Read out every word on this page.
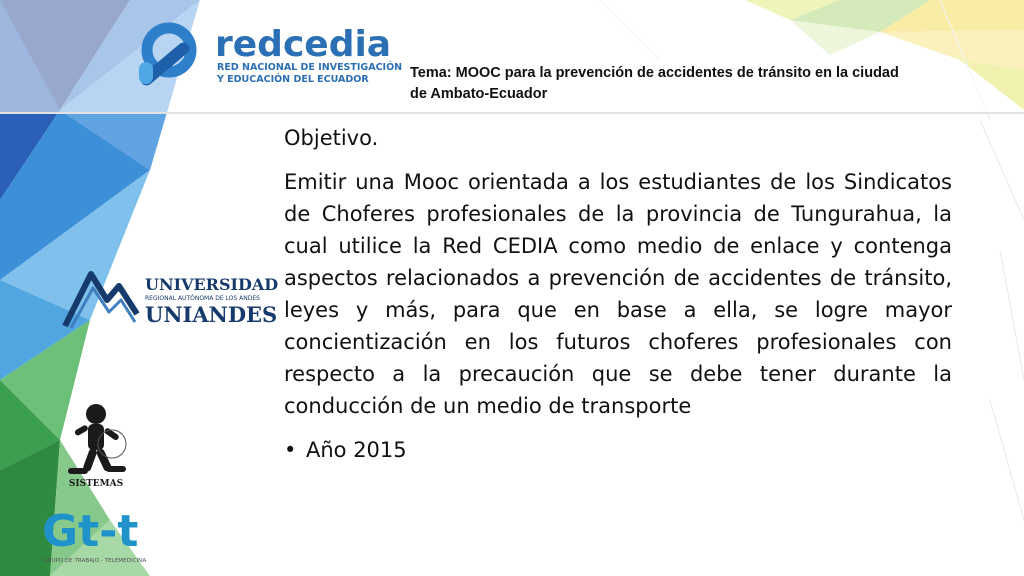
redcedia
RED NACIONAL DE INVESTIGACIÓN
Y EDUCACIÓN DEL ECUADOR	Tema: MOOC para la prevención de accidentes de tránsito en la ciudad
de Ambato-Ecuador

Objetivo.

Emitir una Mooc orientada a los estudiantes de los Sindicatos de Choferes profesionales de la provincia de Tungurahua, la cual utilice la Red CEDIA como medio de enlace y contenga aspectos relacionados a prevención de accidentes de tránsito, leyes y más, para que en base a ella, se logre mayor concientización en los futuros choferes profesionales con respecto a la precaución que se debe tener durante la conducción de un medio de transporte

• Año 2015
UNIVERSIDAD
REGIONAL AUTÓNOMA DE LOS ANDES
UNIANDES
SISTEMAS
Gt-t
GRUPO DE TRABAJO - TELEMEDICINA
